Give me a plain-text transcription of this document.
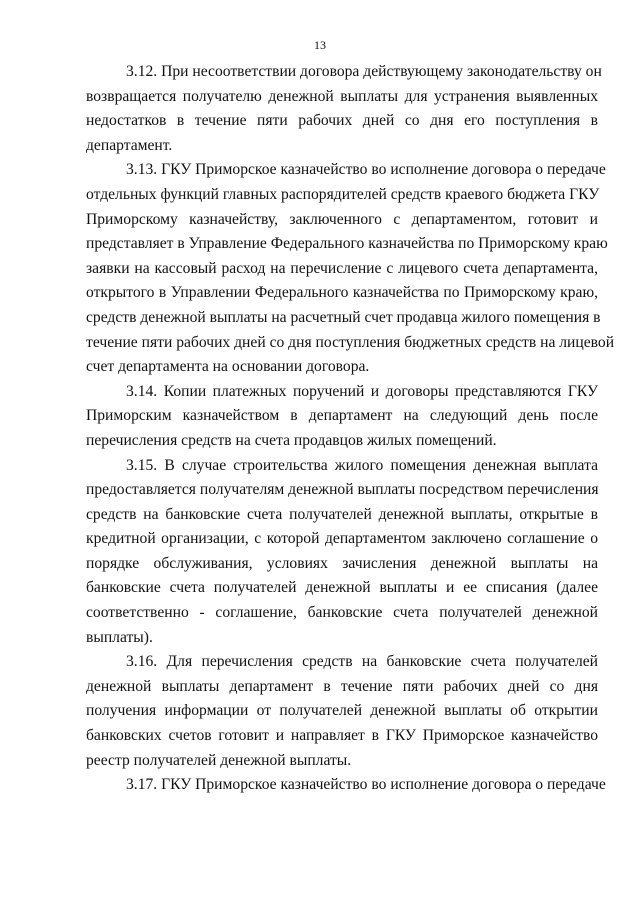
13
3.12. При несоответствии договора действующему законодательству он
возвращается получателю денежной выплаты для устранения выявленных
недостатков в течение пяти рабочих дней со дня его поступления в
департамент.
3.13. ГКУ Приморское казначейство во исполнение договора о передаче
отдельных функций главных распорядителей средств краевого бюджета ГКУ
Приморскому казначейству, заключенного с департаментом, готовит и
представляет в Управление Федерального казначейства по Приморскому краю
заявки на кассовый расход на перечисление с лицевого счета департамента,
открытого в Управлении Федерального казначейства по Приморскому краю,
средств денежной выплаты на расчетный счет продавца жилого помещения в
течение пяти рабочих дней со дня поступления бюджетных средств на лицевой
счет департамента на основании договора.
3.14. Копии платежных поручений и договоры представляются ГКУ
Приморским казначейством в департамент на следующий день после
перечисления средств на счета продавцов жилых помещений.
3.15. В случае строительства жилого помещения денежная выплата
предоставляется получателям денежной выплаты посредством перечисления
средств на банковские счета получателей денежной выплаты, открытые в
кредитной организации, с которой департаментом заключено соглашение о
порядке обслуживания, условиях зачисления денежной выплаты на
банковские счета получателей денежной выплаты и ее списания (далее
соответственно - соглашение, банковские счета получателей денежной
выплаты).
3.16. Для перечисления средств на банковские счета получателей
денежной выплаты департамент в течение пяти рабочих дней со дня
получения информации от получателей денежной выплаты об открытии
банковских счетов готовит и направляет в ГКУ Приморское казначейство
реестр получателей денежной выплаты.
3.17. ГКУ Приморское казначейство во исполнение договора о передаче
